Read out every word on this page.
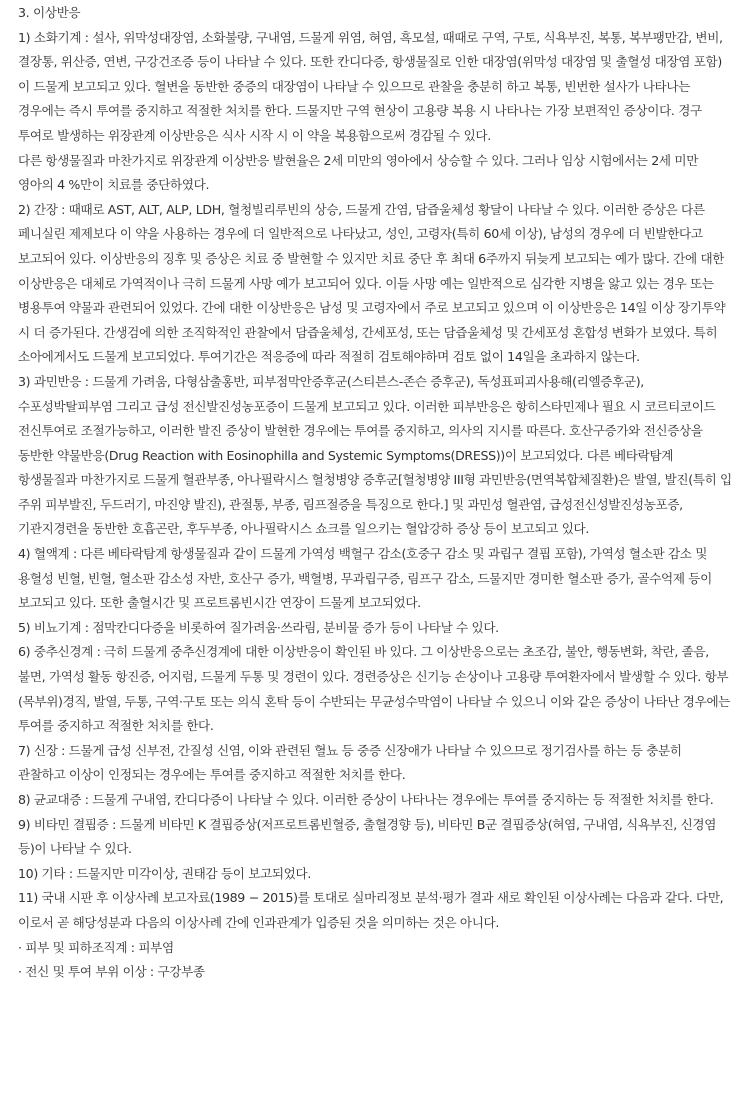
3. 이상반응

1) 소화기계 : 설사, 위막성대장염, 소화불량, 구내염, 드물게 위염, 혀염, 흑모설, 때때로 구역, 구토, 식욕부진, 복통, 복부팽만감, 변비, 결장통, 위산증, 연변, 구강건조증 등이 나타날 수 있다. 또한 칸디다증, 항생물질로 인한 대장염(위막성 대장염 및 출혈성 대장염 포함)이 드물게 보고되고 있다. 혈변을 동반한 중증의 대장염이 나타날 수 있으므로 관찰을 충분히 하고 복통, 빈번한 설사가 나타나는 경우에는 즉시 투여를 중지하고 적절한 처치를 한다. 드물지만 구역 현상이 고용량 복용 시 나타나는 가장 보편적인 증상이다. 경구 투여로 발생하는 위장관계 이상반응은 식사 시작 시 이 약을 복용함으로써 경감될 수 있다.

다른 항생물질과 마찬가지로 위장관계 이상반응 발현율은 2세 미만의 영아에서 상승할 수 있다. 그러나 임상 시험에서는 2세 미만 영아의 4 %만이 치료를 중단하였다.

2) 간장 : 때때로 AST, ALT, ALP, LDH, 혈청빌리루빈의 상승, 드물게 간염, 담즙울체성 황달이 나타날 수 있다. 이러한 증상은 다른 페니실린 제제보다 이 약을 사용하는 경우에 더 일반적으로 나타났고, 성인, 고령자(특히 60세 이상), 남성의 경우에 더 빈발한다고 보고되어 있다. 이상반응의 징후 및 증상은 치료 중 발현할 수 있지만 치료 중단 후 최대 6주까지 뒤늦게 보고되는 예가 많다. 간에 대한 이상반응은 대체로 가역적이나 극히 드물게 사망 예가 보고되어 있다. 이들 사망 예는 일반적으로 심각한 지병을 앓고 있는 경우 또는 병용투여 약물과 관련되어 있었다. 간에 대한 이상반응은 남성 및 고령자에서 주로 보고되고 있으며 이 이상반응은 14일 이상 장기투약 시 더 증가된다. 간생검에 의한 조직학적인 관찰에서 담즙울체성, 간세포성, 또는 담즙울체성 및 간세포성 혼합성 변화가 보였다. 특히 소아에게서도 드물게 보고되었다. 투여기간은 적응증에 따라 적절히 검토해야하며 검토 없이 14일을 초과하지 않는다.

3) 과민반응 : 드물게 가려움, 다형삼출홍반, 피부점막안증후군(스티븐스-존슨 증후군), 독성표피괴사용해(리엘증후군), 수포성박탈피부염 그리고 급성 전신발진성농포증이 드물게 보고되고 있다. 이러한 피부반응은 항히스타민제나 필요 시 코르티코이드 전신투여로 조절가능하고, 이러한 발진 증상이 발현한 경우에는 투여를 중지하고, 의사의 지시를 따른다. 호산구증가와 전신증상을 동반한 약물반응(Drug Reaction with Eosinophilla and Systemic Symptoms(DRESS))이 보고되었다. 다른 베타락탐계 항생물질과 마찬가지로 드물게 혈관부종, 아나필락시스 혈청병양 증후군[혈청병양 III형 과민반응(면역복합체질환)은 발열, 발진(특히 입 주위 피부발진, 두드러기, 마진양 발진), 관절통, 부종, 림프절증을 특징으로 한다.] 및 과민성 혈관염, 급성전신성발진성농포증, 기관지경련을 동반한 호흡곤란, 후두부종, 아나필락시스 쇼크를 일으키는 혈압강하 증상 등이 보고되고 있다.

4) 혈액계 : 다른 베타락탐계 항생물질과 같이 드물게 가역성 백혈구 감소(호중구 감소 및 과립구 결핍 포함), 가역성 혈소판 감소 및 용혈성 빈혈, 빈혈, 혈소판 감소성 자반, 호산구 증가, 백혈병, 무과립구증, 림프구 감소, 드물지만 경미한 혈소판 증가, 골수억제 등이 보고되고 있다. 또한 출혈시간 및 프로트롬빈시간 연장이 드물게 보고되었다.

5) 비뇨기계 : 점막칸디다증을 비롯하여 질가려움·쓰라림, 분비물 증가 등이 나타날 수 있다.

6) 중추신경계 : 극히 드물게 중추신경계에 대한 이상반응이 확인된 바 있다. 그 이상반응으로는 초조감, 불안, 행동변화, 착란, 졸음, 불면, 가역성 활동 항진증, 어지럼, 드물게 두통 및 경련이 있다. 경련증상은 신기능 손상이나 고용량 투여환자에서 발생할 수 있다. 항부(목부위)경직, 발열, 두통, 구역·구토 또는 의식 혼탁 등이 수반되는 무균성수막염이 나타날 수 있으니 이와 같은 증상이 나타난 경우에는 투여를 중지하고 적절한 처치를 한다.

7) 신장 : 드물게 급성 신부전, 간질성 신염, 이와 관련된 혈뇨 등 중증 신장애가 나타날 수 있으므로 정기검사를 하는 등 충분히 관찰하고 이상이 인정되는 경우에는 투여를 중지하고 적절한 처치를 한다.

8) 균교대증 : 드물게 구내염, 칸디다증이 나타날 수 있다. 이러한 증상이 나타나는 경우에는 투여를 중지하는 등 적절한 처치를 한다.

9) 비타민 결핍증 : 드물게 비타민 K 결핍증상(저프로트롬빈혈증, 출혈경향 등), 비타민 B군 결핍증상(혀염, 구내염, 식욕부진, 신경염 등)이 나타날 수 있다.

10) 기타 : 드물지만 미각이상, 권태감 등이 보고되었다.

11) 국내 시판 후 이상사례 보고자료(1989 − 2015)를 토대로 실마리정보 분석·평가 결과 새로 확인된 이상사례는 다음과 같다. 다만, 이로서 곧 해당성분과 다음의 이상사례 간에 인과관계가 입증된 것을 의미하는 것은 아니다.

· 피부 및 피하조직계 : 피부염

· 전신 및 투여 부위 이상 : 구강부종
